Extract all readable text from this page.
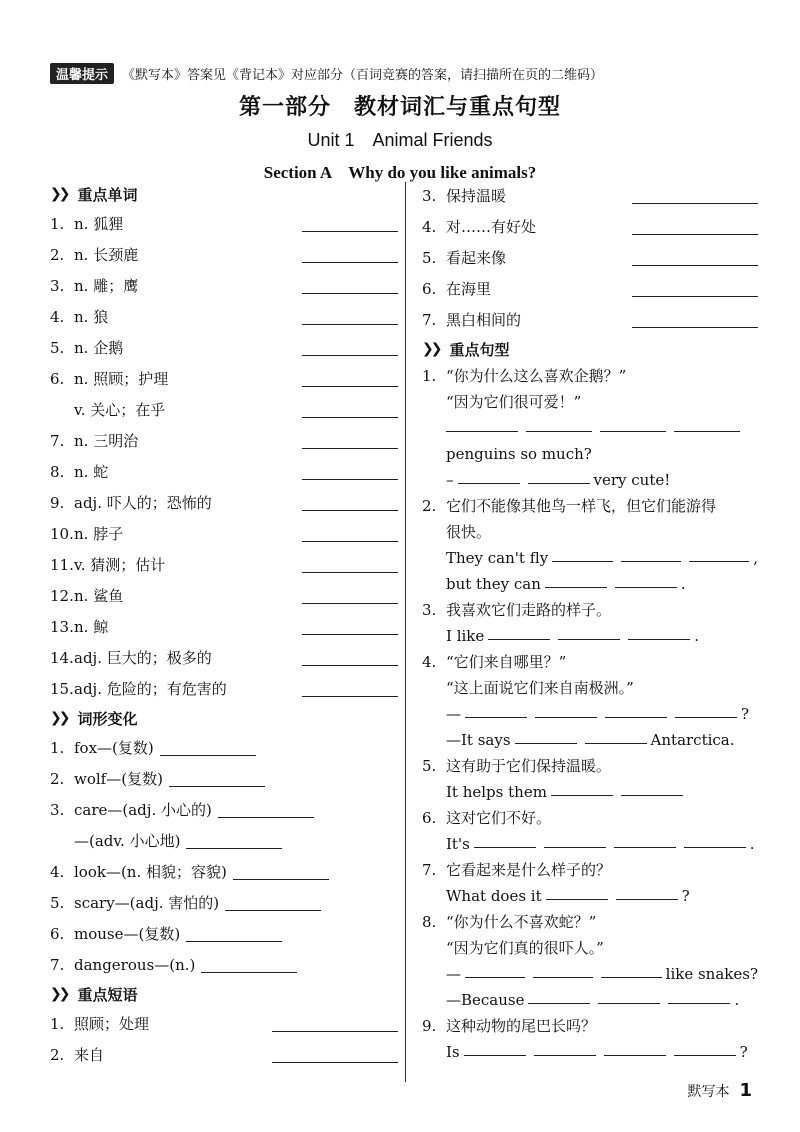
温馨提示	《默写本》答案见《背记本》对应部分（百词竞赛的答案，请扫描所在页的二维码）
第一部分　教材词汇与重点句型
Unit 1　Animal Friends
Section A　Why do you like animals?
❯❯ 重点单词
1. n. 狐狸
2. n. 长颈鹿
3. n. 雕；鹰
4. n. 狼
5. n. 企鹅
6. n. 照顾；护理
v. 关心；在乎
7. n. 三明治
8. n. 蛇
9. adj. 吓人的；恐怖的
10. n. 脖子
11. v. 猜测；估计
12. n. 鲨鱼
13. n. 鲸
14. adj. 巨大的；极多的
15. adj. 危险的；有危害的
❯❯ 词形变化
1. fox—(复数)
2. wolf—(复数)
3. care—(adj. 小心的)
—(adv. 小心地)
4. look—(n. 相貌；容貌)
5. scary—(adj. 害怕的)
6. mouse—(复数)
7. dangerous—(n.)
❯❯ 重点短语
1. 照顾；处理
2. 来自
3. 保持温暖
4. 对……有好处
5. 看起来像
6. 在海里
7. 黑白相间的
❯❯ 重点句型
1. “你为什么这么喜欢企鹅？”
“因为它们很可爱！”
penguins so much?
–	very cute!
2. 它们不能像其他鸟一样飞，但它们能游得
很快。
They can't fly	,
but they can	.
3. 我喜欢它们走路的样子。
I like	.
4. “它们来自哪里？”
“这上面说它们来自南极洲。”
—	?
—It says	Antarctica.
5. 这有助于它们保持温暖。
It helps them
6. 这对它们不好。
It's	.
7. 它看起来是什么样子的？
What does it	?
8. “你为什么不喜欢蛇？”
“因为它们真的很吓人。”
—	like snakes?
—Because	.
9. 这种动物的尾巴长吗？
Is	?
默写本 1
